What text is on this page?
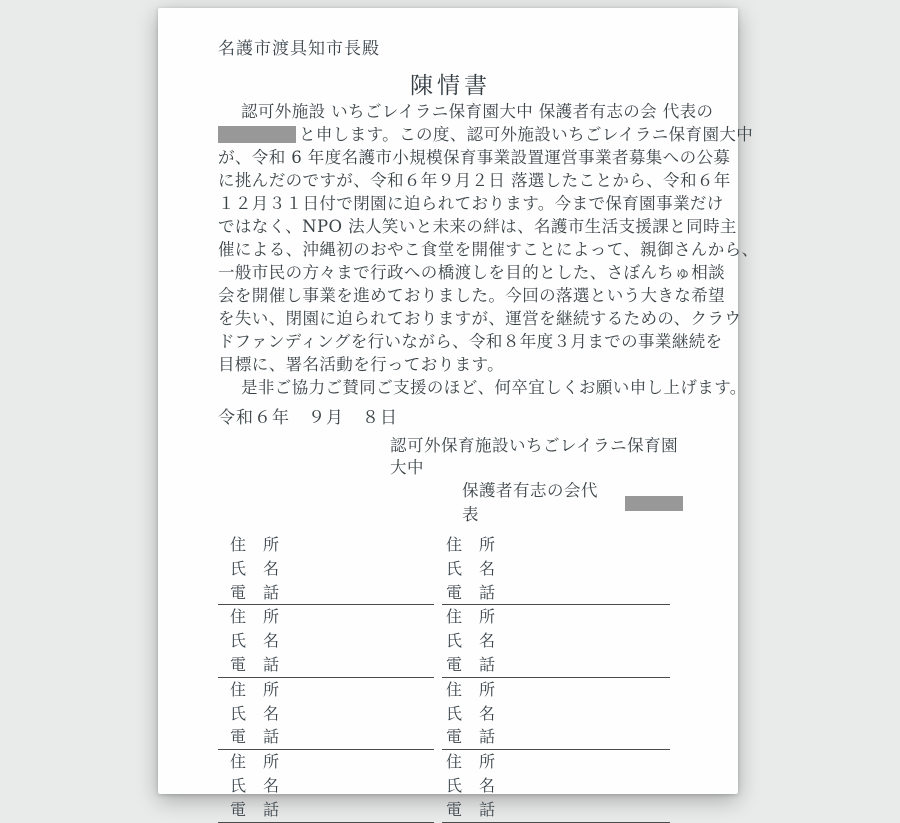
名護市渡具知市長殿
陳情書
認可外施設 いちごレイラニ保育園大中 保護者有志の会 代表の
と申します。この度、認可外施設いちごレイラニ保育園大中
が、令和 6 年度名護市小規模保育事業設置運営事業者募集への公募
に挑んだのですが、令和６年９月２日 落選したことから、令和６年
１２月３１日付で閉園に迫られております。今まで保育園事業だけ
ではなく、NPO 法人笑いと未来の絆は、名護市生活支援課と同時主
催による、沖縄初のおやこ食堂を開催すことによって、親御さんから、
一般市民の方々まで行政への橋渡しを目的とした、さぼんちゅ相談
会を開催し事業を進めておりました。今回の落選という大きな希望
を失い、閉園に迫られておりますが、運営を継続するための、クラウ
ドファンディングを行いながら、令和８年度３月までの事業継続を
目標に、署名活動を行っております。
是非ご協力ご賛同ご支援のほど、何卒宜しくお願い申し上げます。
令和６年　９月　８日
認可外保育施設いちごレイラニ保育園大中
保護者有志の会代表
住　所
氏　名
電　話
住　所
氏　名
電　話
住　所
氏　名
電　話
住　所
氏　名
電　話
住　所
氏　名
電　話
住　所
氏　名
電　話
住　所
氏　名
電　話
住　所
氏　名
電　話
